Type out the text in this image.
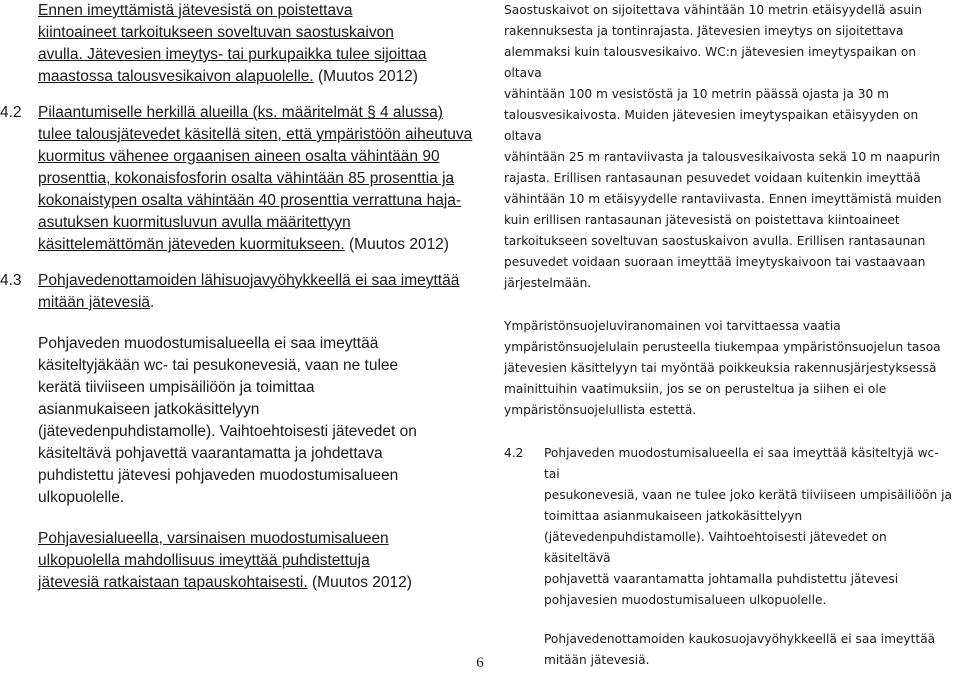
Ennen imeyttämistä jätevesistä on poistettava
kiintoaineet tarkoitukseen soveltuvan saostuskaivon
avulla. Jätevesien imeytys- tai purkupaikka tulee sijoittaa
maastossa talousvesikaivon alapuolelle. (Muutos 2012)

4.2 Pilaantumiselle herkillä alueilla (ks. määritelmät § 4 alussa) tulee talousjätevedet käsitellä siten, että ympäristöön aiheutuva kuormitus vähenee orgaanisen aineen osalta vähintään 90 prosenttia, kokonaisfosforin osalta vähintään 85 prosenttia ja kokonaistypen osalta vähintään 40 prosenttia verrattuna haja-asutuksen kuormitusluvun avulla määritettyyn käsittelemättömän jäteveden kuormitukseen. (Muutos 2012)

4.3 Pohjavedenottamoiden lähisuojavyöhykkeellä ei saa imeyttää mitään jätevesiä.

Pohjaveden muodostumisalueella ei saa imeyttää
käsiteltyjäkään wc- tai pesukonevesiä, vaan ne tulee
kerätä tiiviiseen umpisäiliöön ja toimittaa
asianmukaiseen jatkokäsittelyyn
(jätevedenpuhdistamolle). Vaihtoehtoisesti jätevedet on
käsiteltävä pohjavettä vaarantamatta ja johdettava
puhdistettu jätevesi pohjaveden muodostumisalueen
ulkopuolelle.

Pohjavesialueella, varsinaisen muodostumisalueen
ulkopuolella mahdollisuus imeyttää puhdistettuja
jätevesiä ratkaistaan tapauskohtaisesti. (Muutos 2012)

Saostuskaivot on sijoitettava vähintään 10 metrin etäisyydellä asuin
rakennuksesta ja tontinrajasta. Jätevesien imeytys on sijoitettava
alemmaksi kuin talousvesikaivo. WC:n jätevesien imeytyspaikan on oltava
vähintään 100 m vesistöstä ja 10 metrin päässä ojasta ja 30 m
talousvesikaivosta. Muiden jätevesien imeytyspaikan etäisyyden on oltava
vähintään 25 m rantaviivasta ja talousvesikaivosta sekä 10 m naapurin
rajasta. Erillisen rantasaunan pesuvedet voidaan kuitenkin imeyttää
vähintään 10 m etäisyydelle rantaviivasta. Ennen imeyttämistä muiden
kuin erillisen rantasaunan jätevesistä on poistettava kiintoaineet
tarkoitukseen soveltuvan saostuskaivon avulla. Erillisen rantasaunan
pesuvedet voidaan suoraan imeyttää imeytyskaivoon tai vastaavaan
järjestelmään.

Ympäristönsuojeluviranomainen voi tarvittaessa vaatia
ympäristönsuojelulain perusteella tiukempaa ympäristönsuojelun tasoa
jätevesien käsittelyyn tai myöntää poikkeuksia rakennusjärjestyksessä
mainittuihin vaatimuksiin, jos se on perusteltua ja siihen ei ole
ympäristönsuojelullista estettä.

4.2 Pohjaveden muodostumisalueella ei saa imeyttää käsiteltyjä wc- tai
pesukonevesiä, vaan ne tulee joko kerätä tiiviiseen umpisäiliöön ja
toimittaa asianmukaiseen jatkokäsittelyyn
(jätevedenpuhdistamolle). Vaihtoehtoisesti jätevedet on käsiteltävä
pohjavettä vaarantamatta johtamalla puhdistettu jätevesi
pohjavesien muodostumisalueen ulkopuolelle.

Pohjavedenottamoiden kaukosuojavyöhykkeellä ei saa imeyttää
mitään jätevesiä.

6
